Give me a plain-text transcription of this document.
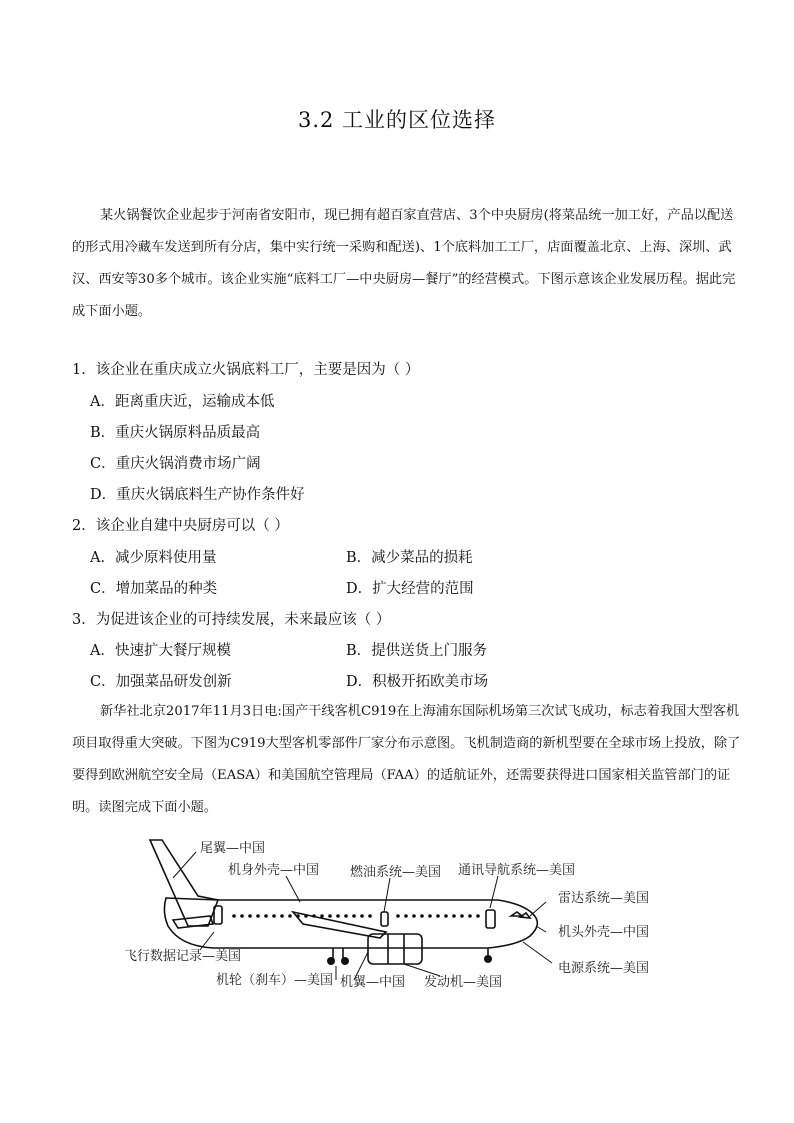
3.2 工业的区位选择
某火锅餐饮企业起步于河南省安阳市，现已拥有超百家直营店、3个中央厨房(将菜品统一加工好，产品以配送的形式用冷藏车发送到所有分店，集中实行统一采购和配送)、1个底料加工工厂，店面覆盖北京、上海、深圳、武汉、西安等30多个城市。该企业实施“底料工厂—中央厨房—餐厅”的经营模式。下图示意该企业发展历程。据此完成下面小题。
1．该企业在重庆成立火锅底料工厂，主要是因为（ ）
A．距离重庆近，运输成本低
B．重庆火锅原料品质最高
C．重庆火锅消费市场广阔
D．重庆火锅底料生产协作条件好
2．该企业自建中央厨房可以（ ）
A．减少原料使用量	B．减少菜品的损耗
C．增加菜品的种类	D．扩大经营的范围
3．为促进该企业的可持续发展，未来最应该（ ）
A．快速扩大餐厅规模	B．提供送货上门服务
C．加强菜品研发创新	D．积极开拓欧美市场
新华社北京2017年11月3日电:国产干线客机C919在上海浦东国际机场第三次试飞成功，标志着我国大型客机项目取得重大突破。下图为C919大型客机零部件厂家分布示意图。飞机制造商的新机型要在全球市场上投放，除了要得到欧洲航空安全局（EASA）和美国航空管理局（FAA）的适航证外，还需要获得进口国家相关监管部门的证明。读图完成下面小题。
尾翼—中国
机身外壳—中国 燃油系统—美国 通讯导航系统—美国
雷达系统—美国
机头外壳—中国
电源系统—美国
飞行数据记录—美国
机轮（刹车）—美国 机翼—中国 发动机—美国
